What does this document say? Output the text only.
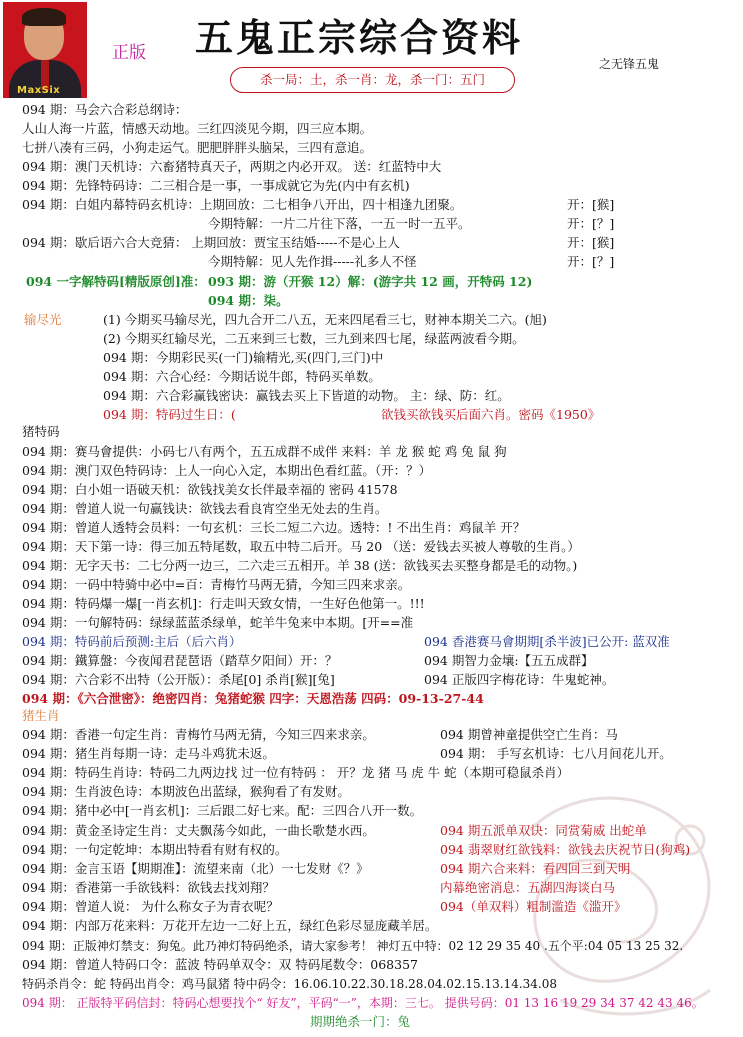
MaxSix
正版 五鬼正宗综合资料
之无锋五鬼
杀一局：土，杀一肖：龙，杀一门：五门
094 期：马会六合彩总纲诗：
人山人海一片蓝，情感天动地。三红四淡见今期，四三应本期。
七拼八凑有三码，小狗走运气。肥肥胖胖头脑呆，三四有意追。
094 期：澳门天机诗：六畜猪特真天子，两期之内必开双。 送：红蓝特中大
094 期：先锋特码诗：二三相合是一事，一事成就它为先(内中有玄机)
094 期：白姐内幕特码玄机诗：上期回放：二七相争八开出，四十相逢九团聚。	开：[猴]
今期特解：一片二片往下落，一五一时一五平。	开：[？]
094 期：歇后语六合大竞猜： 上期回放：贾宝玉结婚-----不是心上人	开：[猴]
今期特解：见人先作揖-----礼多人不怪	开：[？]
094 一字解特码[精版原创]准： 093 期：游（开猴 12）解：(游字共 12 画，开特码 12)
094 期：柒。
输尽光	(1) 今期买马输尽光，四九合开二八五，无来四尾看三七，财神本期关二六。(旭)
(2) 今期买红输尽光，二五来到三七数，三九到来四七尾，绿蓝两波看今期。
094 期：今期彩民买(一门)输精光,买(四门,三门)中
094 期：六合心经：今期话说牛郎，特码买单数。
094 期：六合彩赢钱密诀：赢钱去买上下皆道的动物。 主：绿、防：红。
094 期：特码过生日：(	欲钱买欲钱买后面六肖。密码《1950》
猪特码
094 期：赛马會提供：小码七八有两个，五五成群不成伴 来料：羊 龙 猴 蛇 鸡 兔 鼠 狗
094 期：澳门双色特码诗：上人一向心入定，本期出色看红蓝。（开：？）
094 期：白小姐一语破天机：欲钱找美女长伴最幸福的 密码 41578
094 期：曾道人说一句赢钱诀：欲钱去看良宵空坐无处去的生肖。
094 期：曾道人透特会员料：一句玄机：三长二短二六边。透特：! 不出生肖：鸡鼠羊 开？
094 期：天下第一诗：得三加五特尾数，取五中特二后开。马 20 （送：爱钱去买被人尊敬的生肖。）
094 期：无字天书：二七分两一边三，二六走三五相开。羊 38 (送：欲钱买去买整身都是毛的动物。)
094 期：一码中特骑中必中=百：青梅竹马两无猜，今知三四来求亲。
094 期：特码爆一爆[一肖玄机]：行走叫天致女情，一生好色他第一。!!!
094 期：一句解特码：绿绿蓝蓝杀绿单，蛇羊牛兔来中本期。[开==准
094 期：特码前后预测:主后（后六肖）	094 香港赛马會期期[杀半波]已公开: 蓝双准
094 期：鐵算盤：今夜闻君琵琶语（踏草夕阳间）开：？	094 期智力金壤:【五五成群】
094 期：六合彩不出特（公开版）：杀尾[0] 杀肖[猴][兔]	094 正版四字梅花诗：牛鬼蛇神。
094 期：《六合泄密》：绝密四肖：兔猪蛇猴 四字：天恩浩荡 四码：09-13-27-44
猪生肖
094 期：香港一句定生肖：青梅竹马两无猜，今知三四来求亲。	094 期曾神童提供空亡生肖：马
094 期：猪生肖每期一诗：走马斗鸡犹未返。	094 期： 手写玄机诗：七八月间花儿开。
094 期：特码生肖诗：特码二九两边找 过一位有特码 ： 开？龙 猪 马 虎 牛 蛇（本期可稳鼠杀肖）
094 期：生肖波色诗：本期波色出蓝绿，猴狗看了有发财。
094 期：猪中必中[一肖玄机]：三后跟二好七来。配：三四合八开一数。
094 期：黄金圣诗定生肖：丈夫飘荡今如此，一曲长歌楚水西。	094 期五派单双诀：同赏菊威 出蛇单
094 期：一句定乾坤：本期出特看有财有权的。	094 翡翠财红欲钱料：欲钱去庆祝节日(狗鸡)
094 期：金言玉语【期期准】：流望来南（北）一七发财《？》	094 期六合来料：看四回三到天明
094 期：香港第一手欲钱料：欲钱去找刘翔？	内幕绝密消息：五湖四海谈白马
094 期：曾道人说： 为什么称女子为青衣呢？	094（单双料）粗制滥造《滥开》
094 期：内部万花来料：万花开左边一二好上五，绿红色彩尽显庞藏羊居。
094 期：正版神灯禁支：狗兔。此乃神灯特码绝杀，请大家参考！ 神灯五中特：02 12 29 35 40 .五个平:04 05 13 25 32.
094 期：曾道人特码口令：蓝波 特码单双令：双 特码尾数令：068357
特码杀肖令：蛇 特码出肖令：鸡马鼠猪 特中码令：16.06.10.22.30.18.28.04.02.15.13.14.34.08
094 期： 正版特平码信封：特码心想要找个“ 好友”，平码“一”，本期：三七。 提供号码：01 13 16 19 29 34 37 42 43 46。
期期绝杀一门：兔
